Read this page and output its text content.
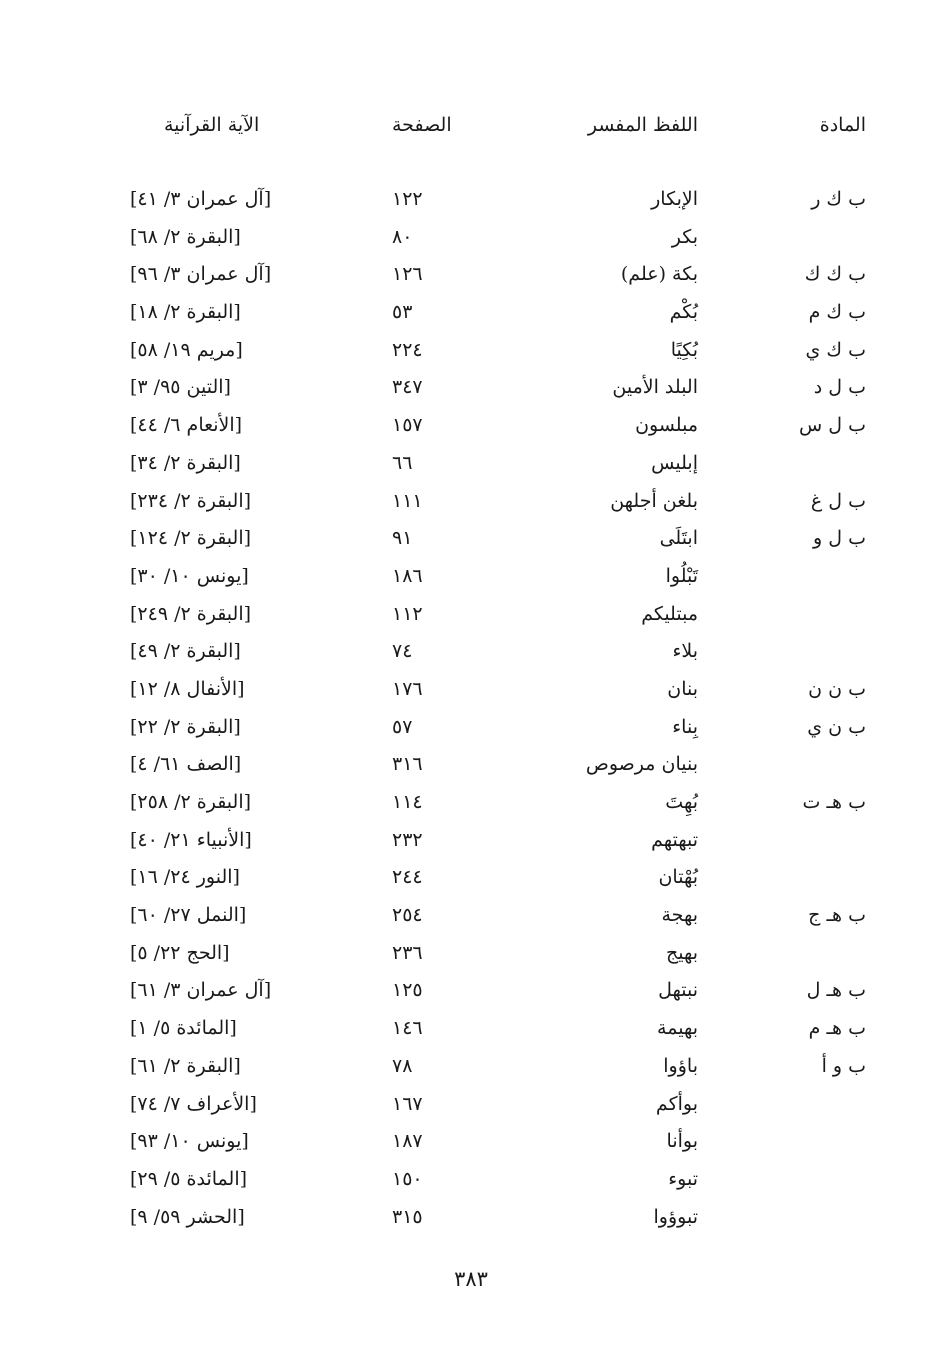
المادة
اللفظ المفسر
الصفحة
الآية القرآنية
ب ك ر
الإبكار
١٢٢
[آل عمران ٣/ ٤١]
بكر
٨٠
[البقرة ٢/ ٦٨]
ب ك ك
بكة (علم)
١٢٦
[آل عمران ٣/ ٩٦]
ب ك م
بُكْم
٥٣
[البقرة ٢/ ١٨]
ب ك ي
بُكِيًا
٢٢٤
[مريم ١٩/ ٥٨]
ب ل د
البلد الأمين
٣٤٧
[التين ٩٥/ ٣]
ب ل س
مبلسون
١٥٧
[الأنعام ٦/ ٤٤]
إبليس
٦٦
[البقرة ٢/ ٣٤]
ب ل غ
بلغن أجلهن
١١١
[البقرة ٢/ ٢٣٤]
ب ل و
ابتَلَى
٩١
[البقرة ٢/ ١٢٤]
تَبْلُوا
١٨٦
[يونس ١٠/ ٣٠]
مبتليكم
١١٢
[البقرة ٢/ ٢٤٩]
بلاء
٧٤
[البقرة ٢/ ٤٩]
ب ن ن
بنان
١٧٦
[الأنفال ٨/ ١٢]
ب ن ي
بِناء
٥٧
[البقرة ٢/ ٢٢]
بنيان مرصوص
٣١٦
[الصف ٦١/ ٤]
ب هـ ت
بُهِتَ
١١٤
[البقرة ٢/ ٢٥٨]
تبهتهم
٢٣٢
[الأنبياء ٢١/ ٤٠]
بُهْتان
٢٤٤
[النور ٢٤/ ١٦]
ب هـ ج
بهجة
٢٥٤
[النمل ٢٧/ ٦٠]
بهيج
٢٣٦
[الحج ٢٢/ ٥]
ب هـ ل
نبتهل
١٢٥
[آل عمران ٣/ ٦١]
ب هـ م
بهيمة
١٤٦
[المائدة ٥/ ١]
ب و أ
باؤوا
٧٨
[البقرة ٢/ ٦١]
بوأكم
١٦٧
[الأعراف ٧/ ٧٤]
بوأنا
١٨٧
[يونس ١٠/ ٩٣]
تبوء
١٥٠
[المائدة ٥/ ٢٩]
تبوؤوا
٣١٥
[الحشر ٥٩/ ٩]
٣٨٣
